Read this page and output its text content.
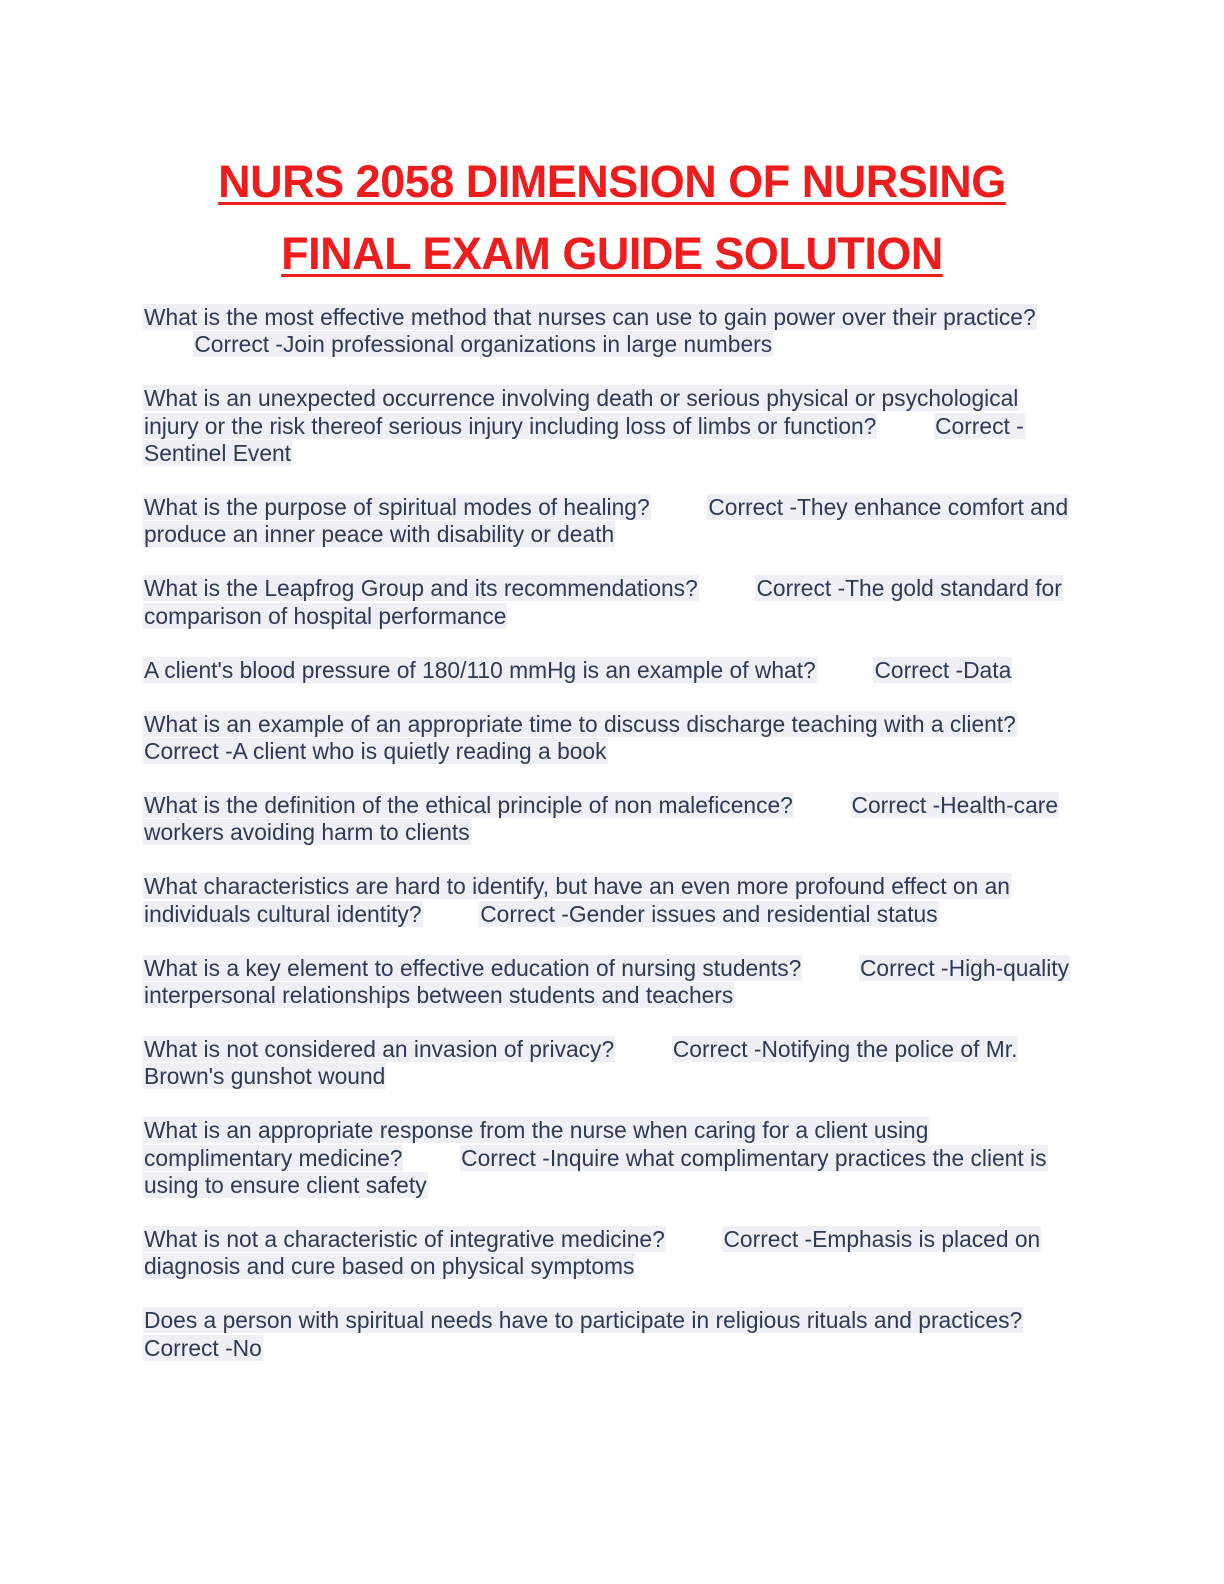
NURS 2058 DIMENSION OF NURSING
FINAL EXAM GUIDE SOLUTION

What is the most effective method that nurses can use to gain power over their practice?  Correct -Join professional organizations in large numbers

What is an unexpected occurrence involving death or serious physical or psychological injury or the risk thereof serious injury including loss of limbs or function?	Correct -Sentinel Event

What is the purpose of spiritual modes of healing?	Correct -They enhance comfort and produce an inner peace with disability or death

What is the Leapfrog Group and its recommendations?	Correct -The gold standard for comparison of hospital performance

A client's blood pressure of 180/110 mmHg is an example of what?	Correct -Data

What is an example of an appropriate time to discuss discharge teaching with a client?  Correct -A client who is quietly reading a book

What is the definition of the ethical principle of non maleficence?	Correct -Health-care workers avoiding harm to clients

What characteristics are hard to identify, but have an even more profound effect on an individuals cultural identity?	Correct -Gender issues and residential status

What is a key element to effective education of nursing students?	Correct -High-quality interpersonal relationships between students and teachers

What is not considered an invasion of privacy?	Correct -Notifying the police of Mr. Brown's gunshot wound

What is an appropriate response from the nurse when caring for a client using complimentary medicine?	Correct -Inquire what complimentary practices the client is using to ensure client safety

What is not a characteristic of integrative medicine?	Correct -Emphasis is placed on diagnosis and cure based on physical symptoms

Does a person with spiritual needs have to participate in religious rituals and practices?  Correct -No
